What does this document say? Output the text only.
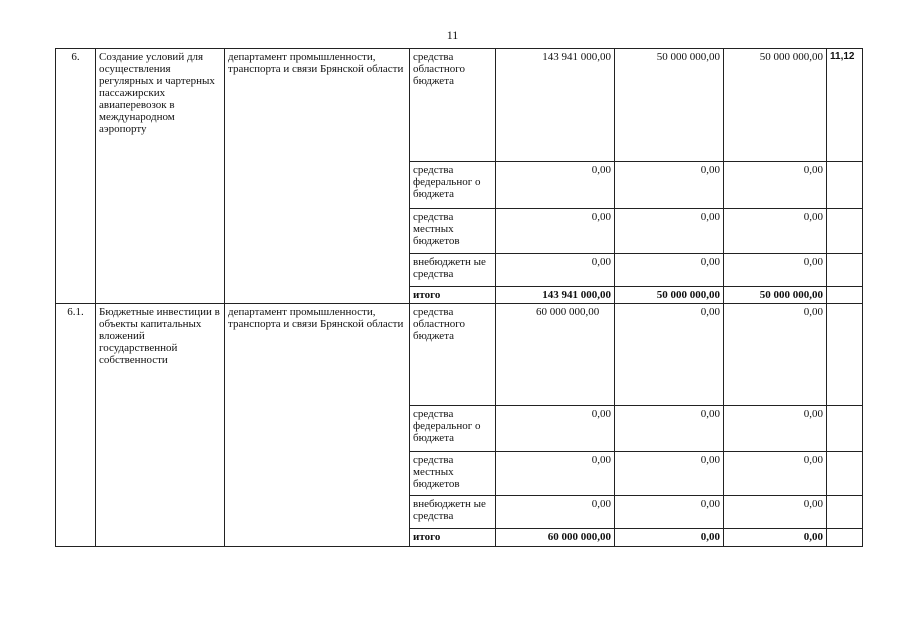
11
6.	Создание условий для осуществления регулярных и чартерных пассажирских авиаперевозок в международном аэропорту	департамент промышленности, транспорта и связи Брянской области	средства областного бюджета	143 941 000,00	50 000 000,00	50 000 000,00	11,12
			средства федеральног о бюджета	0,00	0,00	0,00	
			средства местных бюджетов	0,00	0,00	0,00	
			внебюджетн ые средства	0,00	0,00	0,00	
			итого	143 941 000,00	50 000 000,00	50 000 000,00	
6.1.	Бюджетные инвестиции в объекты капитальных вложений государственной собственности	департамент промышленности, транспорта и связи Брянской области	средства областного бюджета	60 000 000,00	0,00	0,00	
			средства федеральног о бюджета	0,00	0,00	0,00	
			средства местных бюджетов	0,00	0,00	0,00	
			внебюджетн ые средства	0,00	0,00	0,00	
			итого	60 000 000,00	0,00	0,00	
